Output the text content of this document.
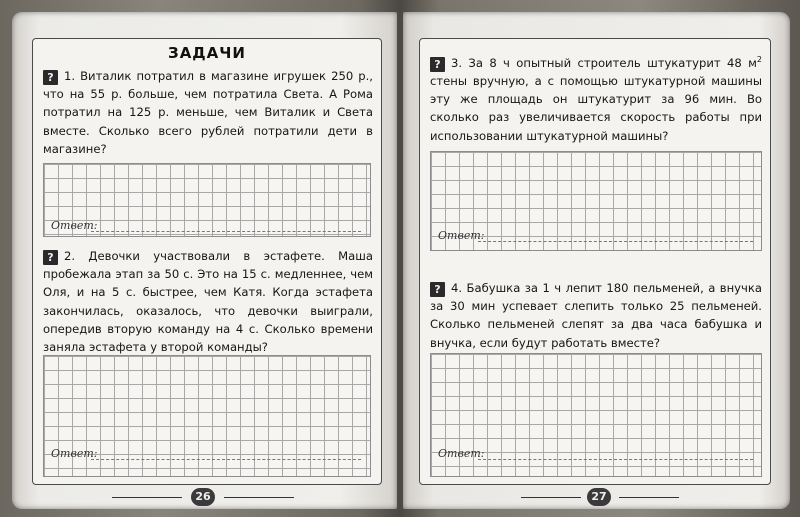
ЗАДАЧИ
? 1. Виталик потратил в магазине игрушек 250 р., что на 55 р. больше, чем потратила Света. А Рома потратил на 125 р. меньше, чем Виталик и Света вместе. Сколько всего рублей потратили дети в магазине?
Ответ:
? 2. Девочки участвовали в эстафете. Маша пробежала этап за 50 с. Это на 15 с. медленнее, чем Оля, и на 5 с. быстрее, чем Катя. Когда эстафета закончилась, оказалось, что девочки выиграли, опередив вторую команду на 4 с. Сколько времени заняла эстафета у второй команды?
Ответ:
26
? 3. За 8 ч опытный строитель штукатурит 48 $м^2$ стены вручную, а с помощью штукатурной машины эту же площадь он штукатурит за 96 мин. Во сколько раз увеличивается скорость работы при использовании штукатурной машины?
Ответ:
? 4. Бабушка за 1 ч лепит 180 пельменей, а внучка за 30 мин успевает слепить только 25 пельменей. Сколько пельменей слепят за два часа бабушка и внучка, если будут работать вместе?
Ответ:
27
